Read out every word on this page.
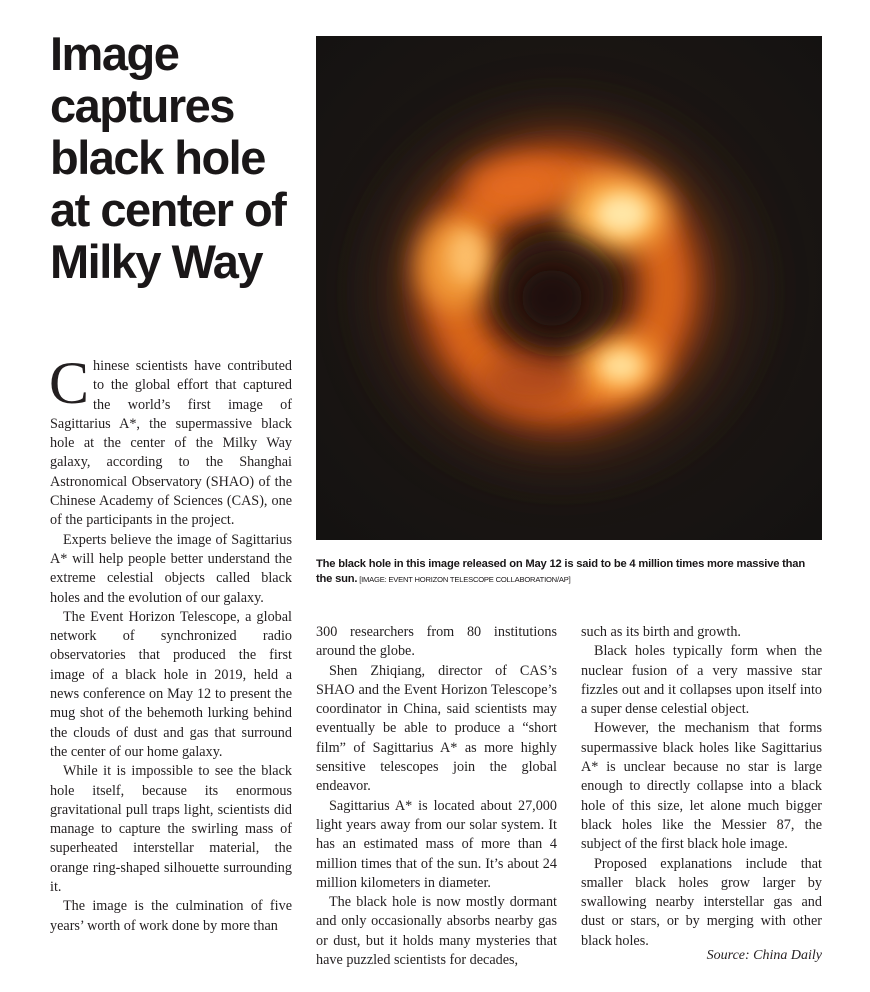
Image captures black hole at center of Milky Way

The black hole in this image released on May 12 is said to be 4 million times more massive than the sun. [IMAGE: EVENT HORIZON TELESCOPE COLLABORATION/AP]

Chinese scientists have contributed to the global effort that captured the world’s first image of Sagittarius A*, the supermassive black hole at the center of the Milky Way galaxy, according to the Shanghai Astronomical Observatory (SHAO) of the Chinese Academy of Sciences (CAS), one of the participants in the project.

Experts believe the image of Sagittarius A* will help people better understand the extreme celestial objects called black holes and the evolution of our galaxy.

The Event Horizon Telescope, a global network of synchronized radio observatories that produced the first image of a black hole in 2019, held a news conference on May 12 to present the mug shot of the behemoth lurking behind the clouds of dust and gas that surround the center of our home galaxy.

While it is impossible to see the black hole itself, because its enormous gravitational pull traps light, scientists did manage to capture the swirling mass of superheated interstellar material, the orange ring-shaped silhouette surrounding it.

The image is the culmination of five years’ worth of work done by more than

300 researchers from 80 institutions around the globe.

Shen Zhiqiang, director of CAS’s SHAO and the Event Horizon Telescope’s coordinator in China, said scientists may eventually be able to produce a “short film” of Sagittarius A* as more highly sensitive telescopes join the global endeavor.

Sagittarius A* is located about 27,000 light years away from our solar system. It has an estimated mass of more than 4 million times that of the sun. It’s about 24 million kilometers in diameter.

The black hole is now mostly dormant and only occasionally absorbs nearby gas or dust, but it holds many mysteries that have puzzled scientists for decades,

such as its birth and growth.

Black holes typically form when the nuclear fusion of a very massive star fizzles out and it collapses upon itself into a super dense celestial object.

However, the mechanism that forms supermassive black holes like Sagittarius A* is unclear because no star is large enough to directly collapse into a black hole of this size, let alone much bigger black holes like the Messier 87, the subject of the first black hole image.

Proposed explanations include that smaller black holes grow larger by swallowing nearby interstellar gas and dust or stars, or by merging with other black holes.

Source: China Daily
